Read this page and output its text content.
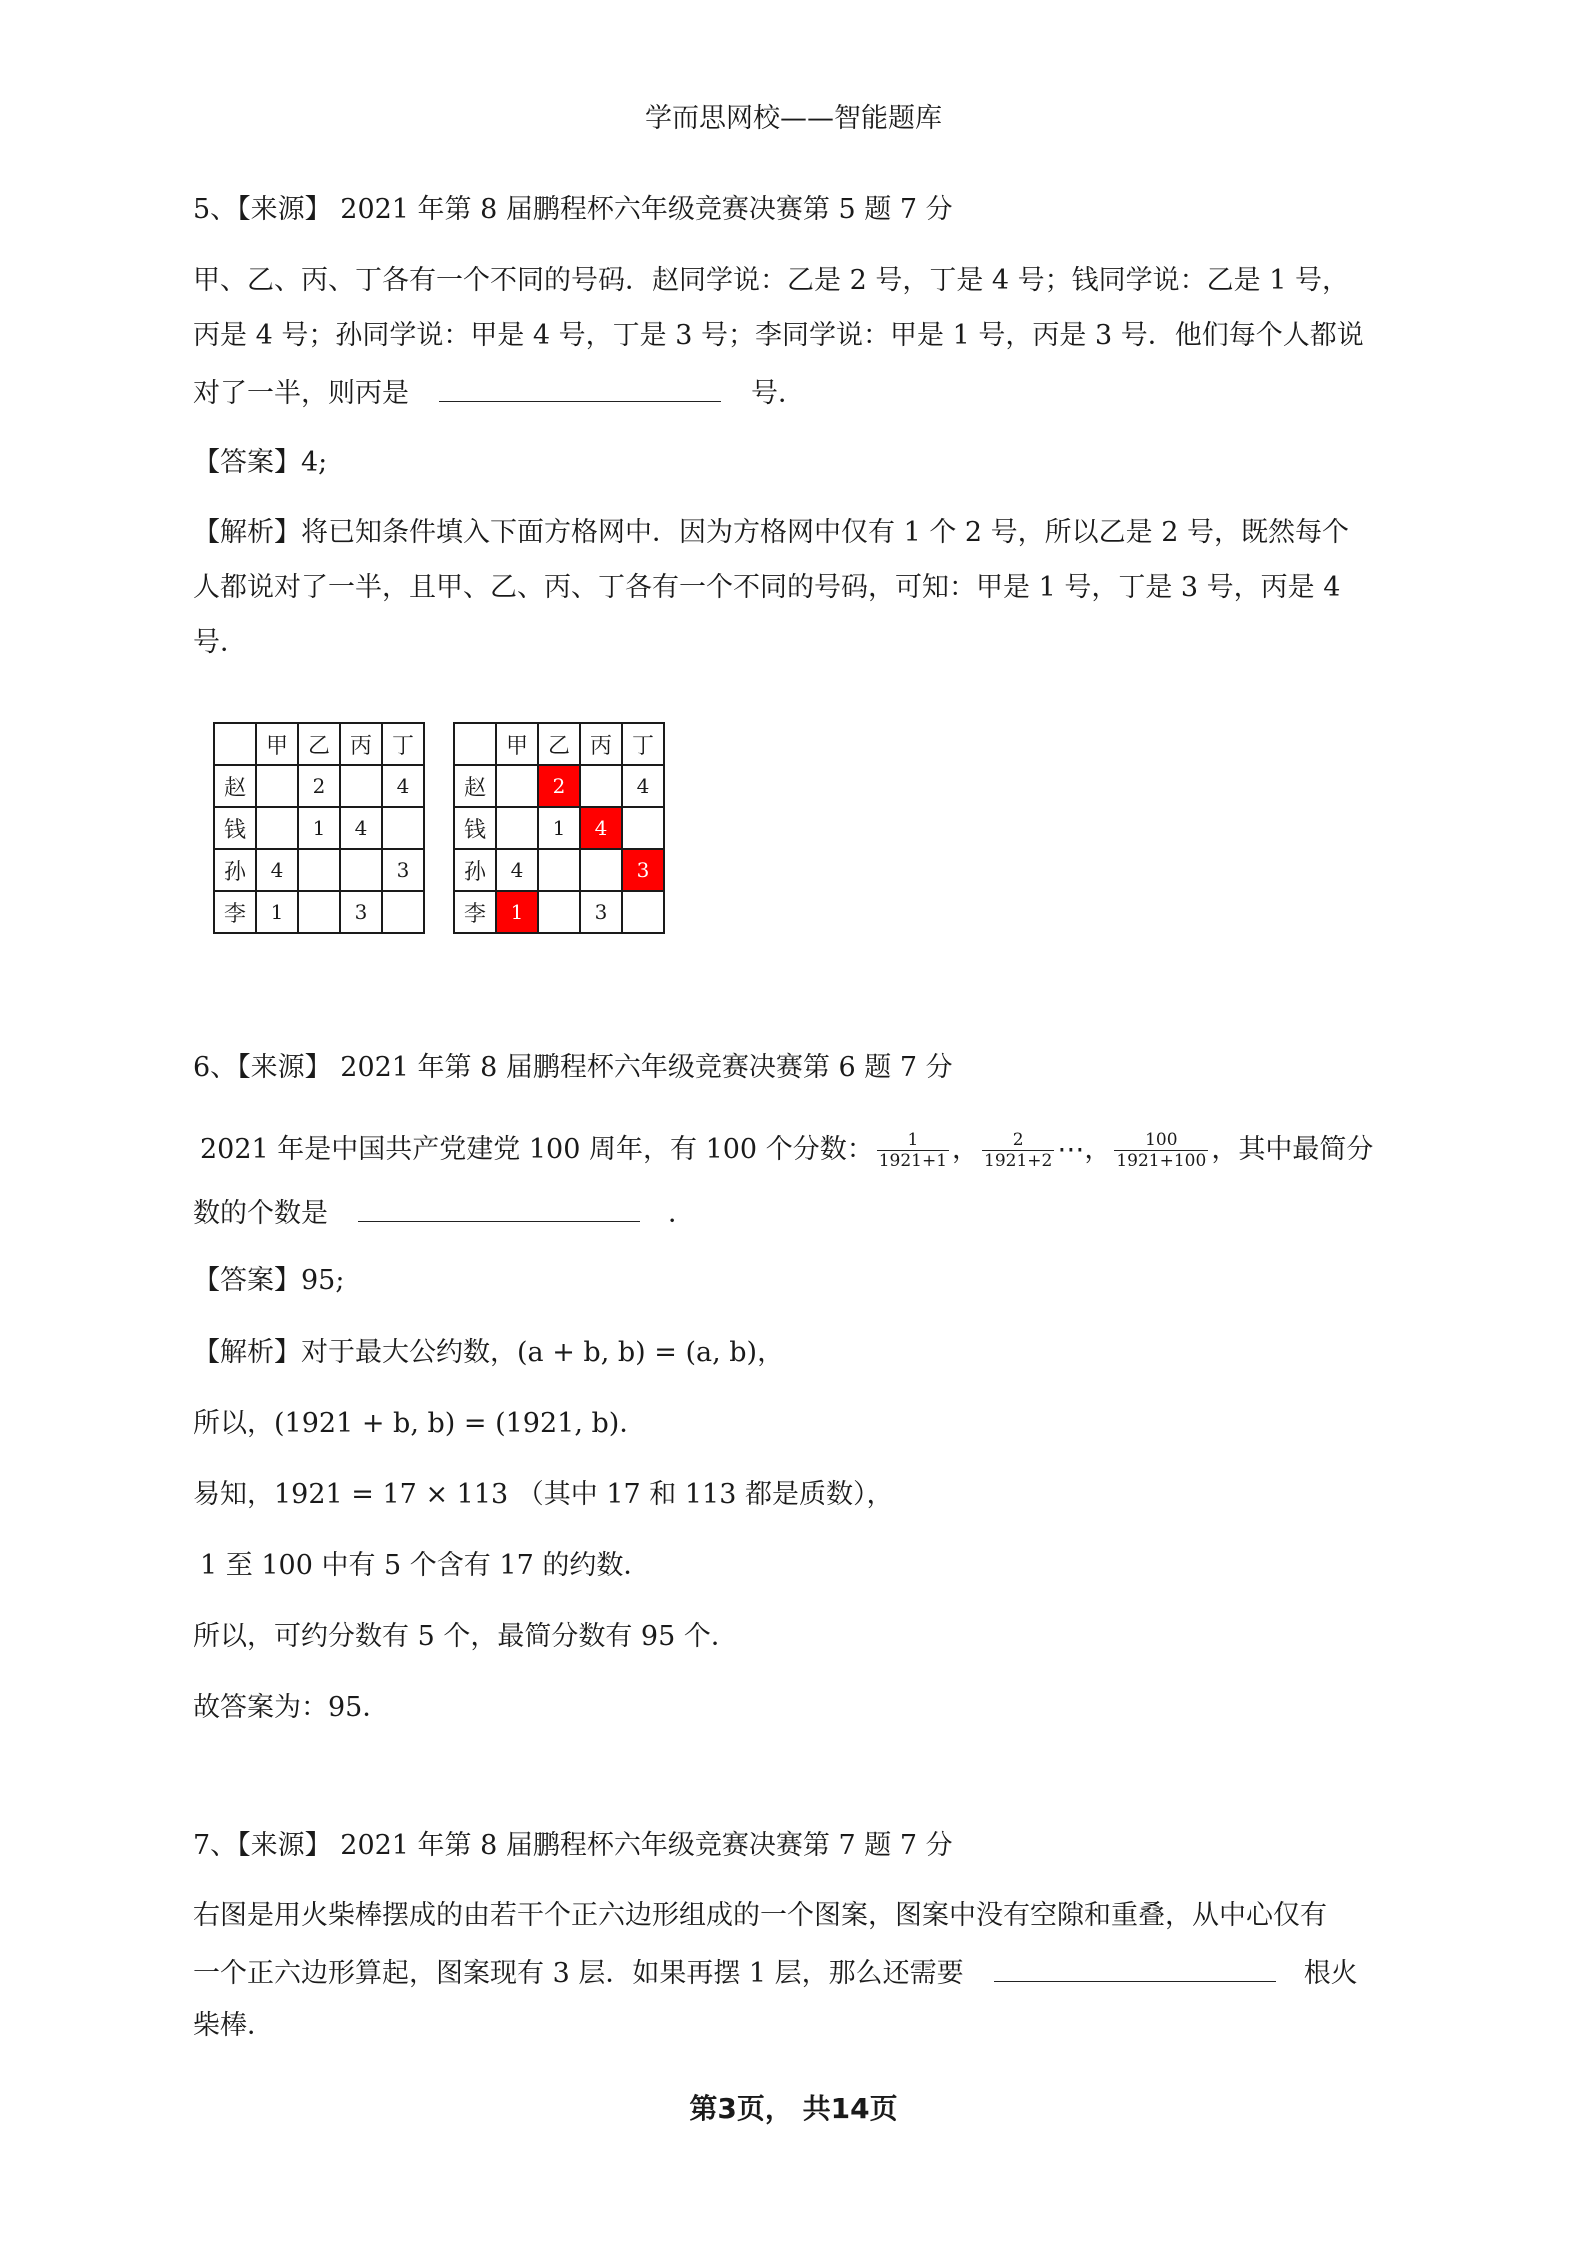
学而思网校——智能题库
5、【来源】 2021 年第 8 届鹏程杯六年级竞赛决赛第 5 题 7 分
甲、乙、丙、丁各有一个不同的号码．赵同学说：乙是 2 号，丁是 4 号；钱同学说：乙是 1 号，
丙是 4 号；孙同学说：甲是 4 号，丁是 3 号；李同学说：甲是 1 号，丙是 3 号．他们每个人都说
对了一半，则丙是	号．
【答案】4;
【解析】将已知条件填入下面方格网中．因为方格网中仅有 1 个 2 号，所以乙是 2 号，既然每个
人都说对了一半，且甲、乙、丙、丁各有一个不同的号码，可知：甲是 1 号，丁是 3 号，丙是 4
号．
	甲	乙	丙	丁
赵		2		4
钱		1	4	
孙	4			3
李	1		3	
	甲	乙	丙	丁
赵		2		4
钱		1	4	
孙	4			3
李	1		3	
6、【来源】 2021 年第 8 届鹏程杯六年级竞赛决赛第 6 题 7 分
2021 年是中国共产党建党 100 周年，有 100 个分数： $\frac{1}{1921+1}$ ， $\frac{2}{1921+2}$ ⋯， $\frac{100}{1921+100}$ ，其中最简分
数的个数是	．
【答案】95;
【解析】对于最大公约数，(a + b, b) = (a, b)，
所以，(1921 + b, b) = (1921, b)．
易知，1921 = 17 × 113 （其中 17 和 113 都是质数），
1 至 100 中有 5 个含有 17 的约数．
所以，可约分数有 5 个，最简分数有 95 个．
故答案为：95．
7、【来源】 2021 年第 8 届鹏程杯六年级竞赛决赛第 7 题 7 分
右图是用火柴棒摆成的由若干个正六边形组成的一个图案，图案中没有空隙和重叠，从中心仅有
一个正六边形算起，图案现有 3 层．如果再摆 1 层，那么还需要	根火
柴棒．
第3页， 共14页
